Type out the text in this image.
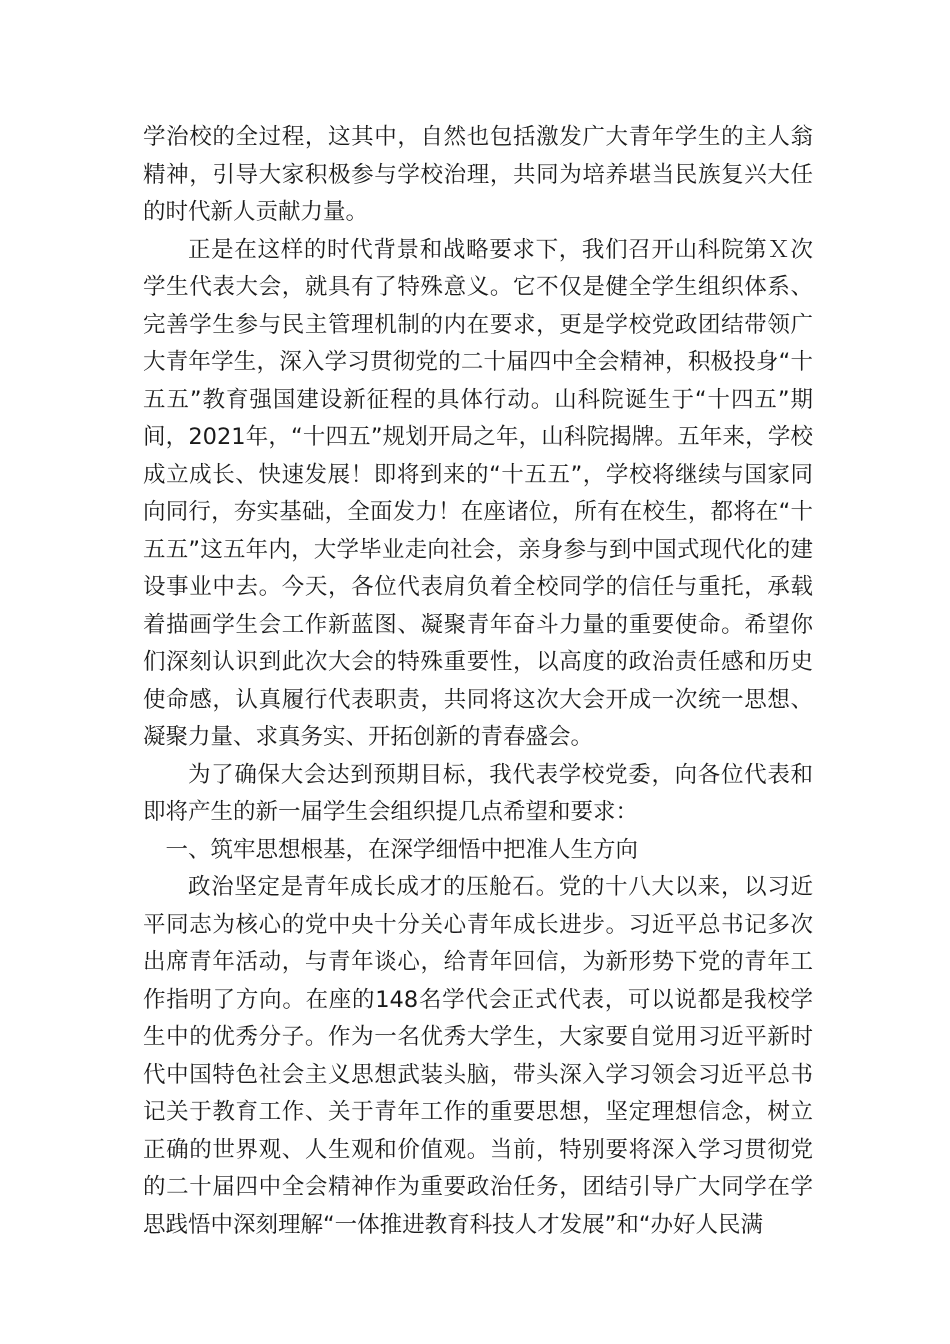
学治校的全过程，这其中，自然也包括激发广大青年学生的主人翁精神，引导大家积极参与学校治理，共同为培养堪当民族复兴大任的时代新人贡献力量。

正是在这样的时代背景和战略要求下，我们召开山科院第Ｘ次学生代表大会，就具有了特殊意义。它不仅是健全学生组织体系、完善学生参与民主管理机制的内在要求，更是学校党政团结带领广大青年学生，深入学习贯彻党的二十届四中全会精神，积极投身“十五五”教育强国建设新征程的具体行动。山科院诞生于“十四五”期间，2021年，“十四五”规划开局之年，山科院揭牌。五年来，学校成立成长、快速发展！即将到来的“十五五”，学校将继续与国家同向同行，夯实基础，全面发力！在座诸位，所有在校生，都将在“十五五”这五年内，大学毕业走向社会，亲身参与到中国式现代化的建设事业中去。今天，各位代表肩负着全校同学的信任与重托，承载着描画学生会工作新蓝图、凝聚青年奋斗力量的重要使命。希望你们深刻认识到此次大会的特殊重要性，以高度的政治责任感和历史使命感，认真履行代表职责，共同将这次大会开成一次统一思想、凝聚力量、求真务实、开拓创新的青春盛会。

为了确保大会达到预期目标，我代表学校党委，向各位代表和即将产生的新一届学生会组织提几点希望和要求：

一、筑牢思想根基，在深学细悟中把准人生方向

政治坚定是青年成长成才的压舱石。党的十八大以来，以习近平同志为核心的党中央十分关心青年成长进步。习近平总书记多次出席青年活动，与青年谈心，给青年回信，为新形势下党的青年工作指明了方向。在座的148名学代会正式代表，可以说都是我校学生中的优秀分子。作为一名优秀大学生，大家要自觉用习近平新时代中国特色社会主义思想武装头脑，带头深入学习领会习近平总书记关于教育工作、关于青年工作的重要思想，坚定理想信念，树立正确的世界观、人生观和价值观。当前，特别要将深入学习贯彻党的二十届四中全会精神作为重要政治任务，团结引导广大同学在学思践悟中深刻理解“一体推进教育科技人才发展”和“办好人民满
